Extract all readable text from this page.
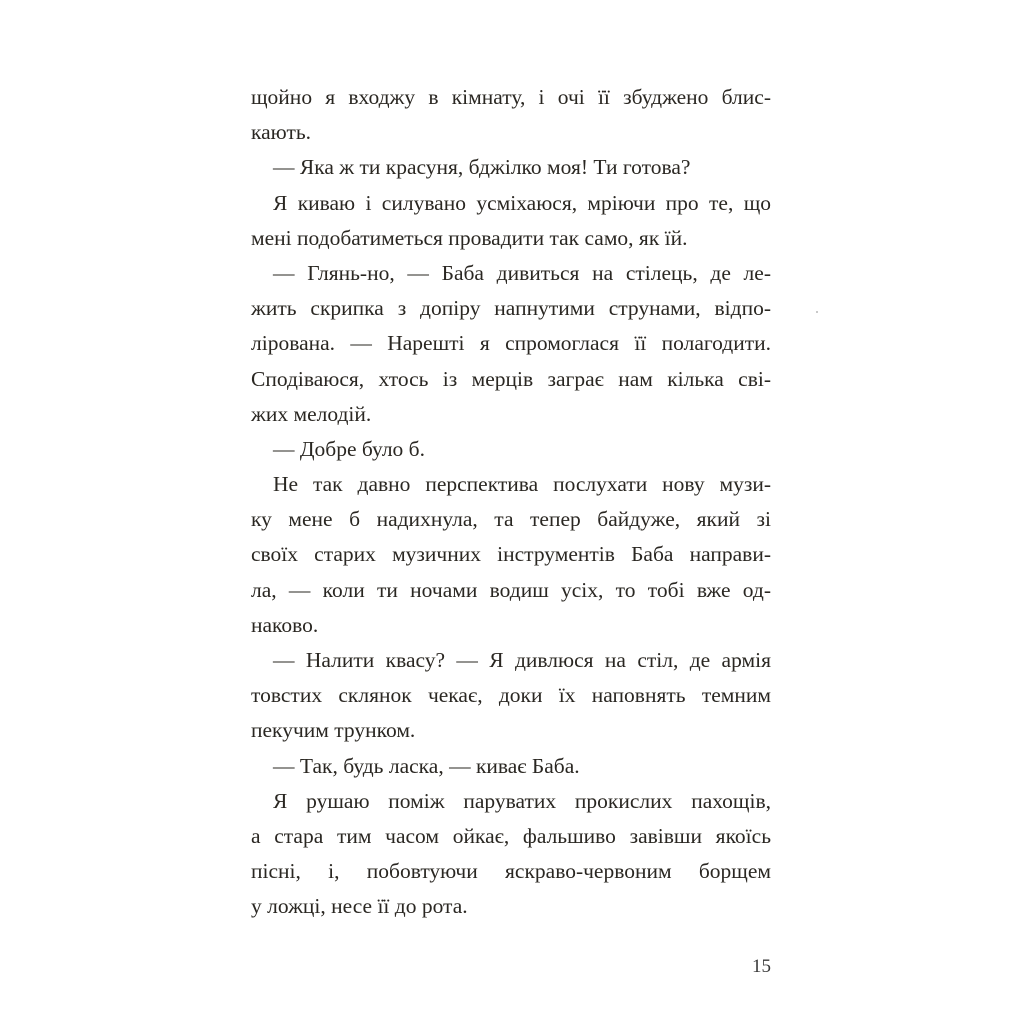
щойно я входжу в кімнату, і очі її збуджено блис-
кають.
— Яка ж ти красуня, бджілко моя! Ти готова?
Я киваю і силувано усміхаюся, мріючи про те, що
мені подобатиметься провадити так само, як їй.
— Глянь-но, — Баба дивиться на стілець, де ле-
жить скрипка з допіру напнутими струнами, відпо-
лірована. — Нарешті я спромоглася її полагодити.
Сподіваюся, хтось із мерців заграє нам кілька сві-
жих мелодій.
— Добре було б.
Не так давно перспектива послухати нову музи-
ку мене б надихнула, та тепер байдуже, який зі
своїх старих музичних інструментів Баба направи-
ла, — коли ти ночами водиш усіх, то тобі вже од-
наково.
— Налити квасу? — Я дивлюся на стіл, де армія
товстих склянок чекає, доки їх наповнять темним
пекучим трунком.
— Так, будь ласка, — киває Баба.
Я рушаю поміж паруватих прокислих пахощів,
а стара тим часом ойкає, фальшиво завівши якоїсь
пісні, і, побовтуючи яскраво-червоним борщем
у ложці, несе її до рота.
15
